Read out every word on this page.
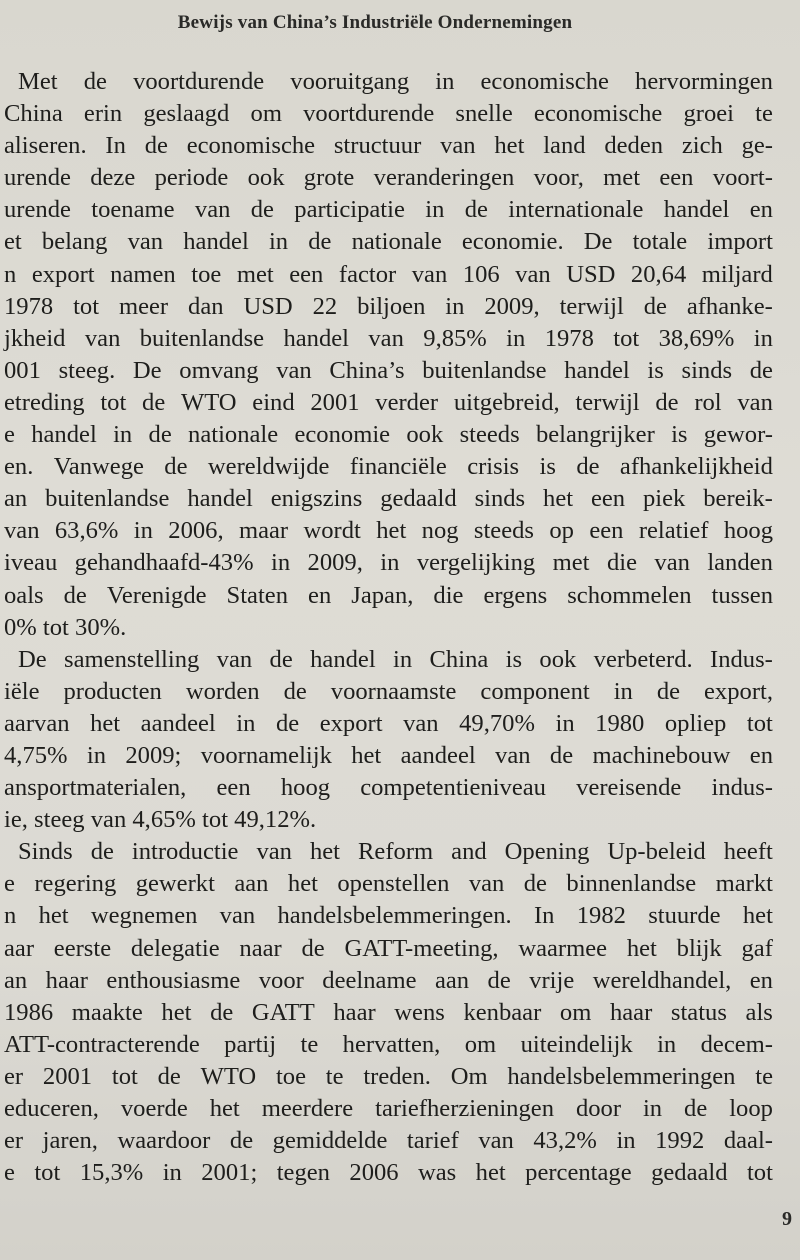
Bewijs van China’s Industriële Ondernemingen
Met de voortdurende vooruitgang in economische hervormingen
China erin geslaagd om voortdurende snelle economische groei te
aliseren. In de economische structuur van het land deden zich ge-
urende deze periode ook grote veranderingen voor, met een voort-
urende toename van de participatie in de internationale handel en
et belang van handel in de nationale economie. De totale import
n export namen toe met een factor van 106 van USD 20,64 miljard
1978 tot meer dan USD 22 biljoen in 2009, terwijl de afhanke-
jkheid van buitenlandse handel van 9,85% in 1978 tot 38,69% in
001 steeg. De omvang van China’s buitenlandse handel is sinds de
etreding tot de WTO eind 2001 verder uitgebreid, terwijl de rol van
e handel in de nationale economie ook steeds belangrijker is gewor-
en. Vanwege de wereldwijde financiële crisis is de afhankelijkheid
an buitenlandse handel enigszins gedaald sinds het een piek bereik-
van 63,6% in 2006, maar wordt het nog steeds op een relatief hoog
iveau gehandhaafd-43% in 2009, in vergelijking met die van landen
oals de Verenigde Staten en Japan, die ergens schommelen tussen
0% tot 30%.
De samenstelling van de handel in China is ook verbeterd. Indus-
iële producten worden de voornaamste component in de export,
aarvan het aandeel in de export van 49,70% in 1980 opliep tot
4,75% in 2009; voornamelijk het aandeel van de machinebouw en
ansportmaterialen, een hoog competentieniveau vereisende indus-
ie, steeg van 4,65% tot 49,12%.
Sinds de introductie van het Reform and Opening Up-beleid heeft
e regering gewerkt aan het openstellen van de binnenlandse markt
n het wegnemen van handelsbelemmeringen. In 1982 stuurde het
aar eerste delegatie naar de GATT-meeting, waarmee het blijk gaf
an haar enthousiasme voor deelname aan de vrije wereldhandel, en
1986 maakte het de GATT haar wens kenbaar om haar status als
ATT-contracterende partij te hervatten, om uiteindelijk in decem-
er 2001 tot de WTO toe te treden. Om handelsbelemmeringen te
educeren, voerde het meerdere tariefherzieningen door in de loop
er jaren, waardoor de gemiddelde tarief van 43,2% in 1992 daal-
e tot 15,3% in 2001; tegen 2006 was het percentage gedaald tot
9
